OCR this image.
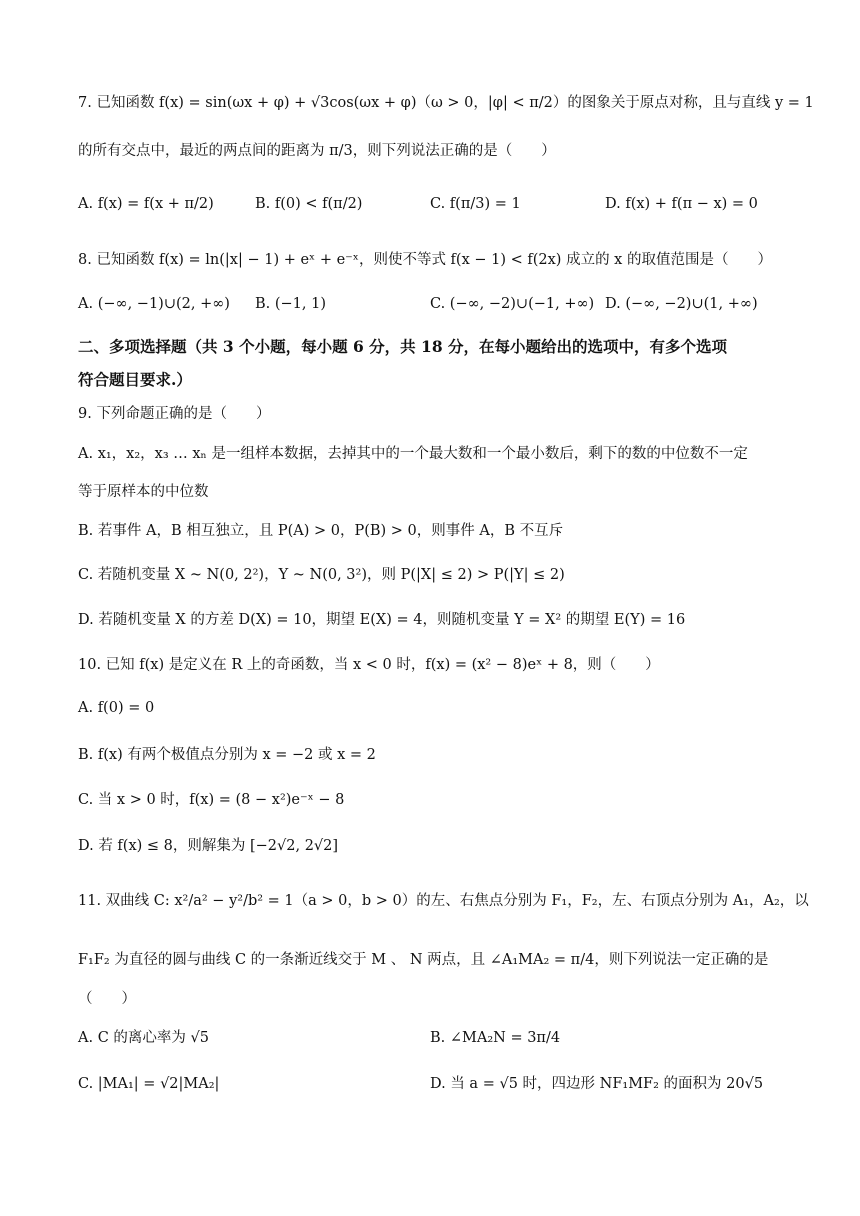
7. 已知函数 f(x) = sin(ωx + φ) + √3cos(ωx + φ)（ω > 0，|φ| < π/2）的图象关于原点对称，且与直线 y = 1
的所有交点中，最近的两点间的距离为 π/3，则下列说法正确的是（　　）
A. f(x) = f(x + π/2)	B. f(0) < f(π/2)	C. f(π/3) = 1	D. f(x) + f(π − x) = 0
8. 已知函数 f(x) = ln(|x| − 1) + eˣ + e⁻ˣ，则使不等式 f(x − 1) < f(2x) 成立的 x 的取值范围是（　　）
A. (−∞, −1)∪(2, +∞) B. (−1, 1)	C. (−∞, −2)∪(−1, +∞) D. (−∞, −2)∪(1, +∞)
二、多项选择题（共 3 个小题，每小题 6 分，共 18 分，在每小题给出的选项中，有多个选项
符合题目要求.）
9. 下列命题正确的是（　　）
A. x₁，x₂，x₃ … xₙ 是一组样本数据，去掉其中的一个最大数和一个最小数后，剩下的数的中位数不一定
等于原样本的中位数
B. 若事件 A，B 相互独立，且 P(A) > 0，P(B) > 0，则事件 A，B 不互斥
C. 若随机变量 X ~ N(0, 2²)，Y ~ N(0, 3²)，则 P(|X| ≤ 2) > P(|Y| ≤ 2)
D. 若随机变量 X 的方差 D(X) = 10，期望 E(X) = 4，则随机变量 Y = X² 的期望 E(Y) = 16
10. 已知 f(x) 是定义在 R 上的奇函数，当 x < 0 时，f(x) = (x² − 8)eˣ + 8，则（　　）
A. f(0) = 0
B. f(x) 有两个极值点分别为 x = −2 或 x = 2
C. 当 x > 0 时，f(x) = (8 − x²)e⁻ˣ − 8
D. 若 f(x) ≤ 8，则解集为 [−2√2, 2√2]
11. 双曲线 C: x²/a² − y²/b² = 1（a > 0，b > 0）的左、右焦点分别为 F₁，F₂，左、右顶点分别为 A₁，A₂，以
F₁F₂ 为直径的圆与曲线 C 的一条渐近线交于 M 、 N 两点，且 ∠A₁MA₂ = π/4，则下列说法一定正确的是
（　　）
A. C 的离心率为 √5	B. ∠MA₂N = 3π/4
C. |MA₁| = √2|MA₂|	D. 当 a = √5 时，四边形 NF₁MF₂ 的面积为 20√5
